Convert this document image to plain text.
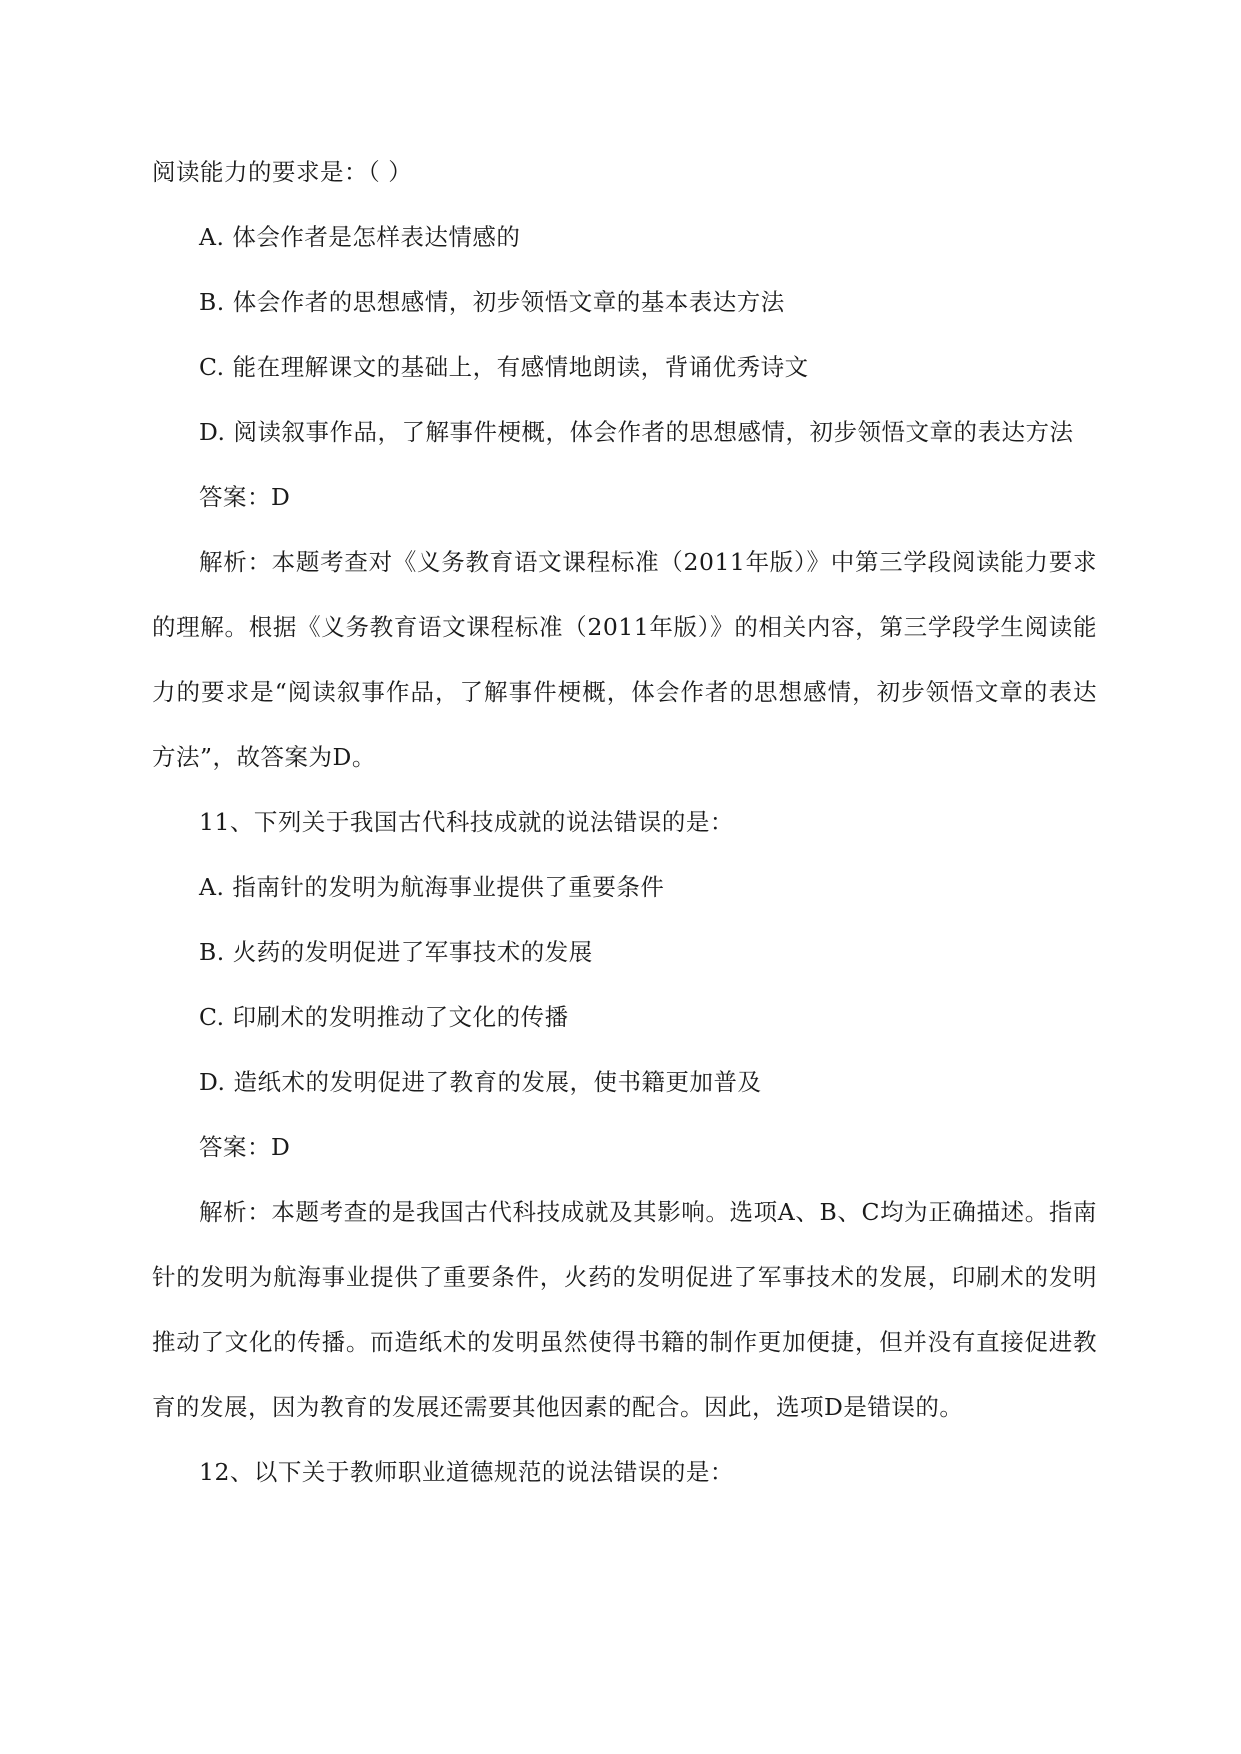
阅读能力的要求是：（ ）

A. 体会作者是怎样表达情感的

B. 体会作者的思想感情，初步领悟文章的基本表达方法

C. 能在理解课文的基础上，有感情地朗读，背诵优秀诗文

D. 阅读叙事作品，了解事件梗概，体会作者的思想感情，初步领悟文章的表达方法

答案：D

解析：本题考查对《义务教育语文课程标准（2011年版）》中第三学段阅读能力要求的理解。根据《义务教育语文课程标准（2011年版）》的相关内容，第三学段学生阅读能力的要求是“阅读叙事作品，了解事件梗概，体会作者的思想感情，初步领悟文章的表达方法”，故答案为D。

11、下列关于我国古代科技成就的说法错误的是：

A. 指南针的发明为航海事业提供了重要条件

B. 火药的发明促进了军事技术的发展

C. 印刷术的发明推动了文化的传播

D. 造纸术的发明促进了教育的发展，使书籍更加普及

答案：D

解析：本题考查的是我国古代科技成就及其影响。选项A、B、C均为正确描述。指南针的发明为航海事业提供了重要条件，火药的发明促进了军事技术的发展，印刷术的发明推动了文化的传播。而造纸术的发明虽然使得书籍的制作更加便捷，但并没有直接促进教育的发展，因为教育的发展还需要其他因素的配合。因此，选项D是错误的。

12、以下关于教师职业道德规范的说法错误的是：
